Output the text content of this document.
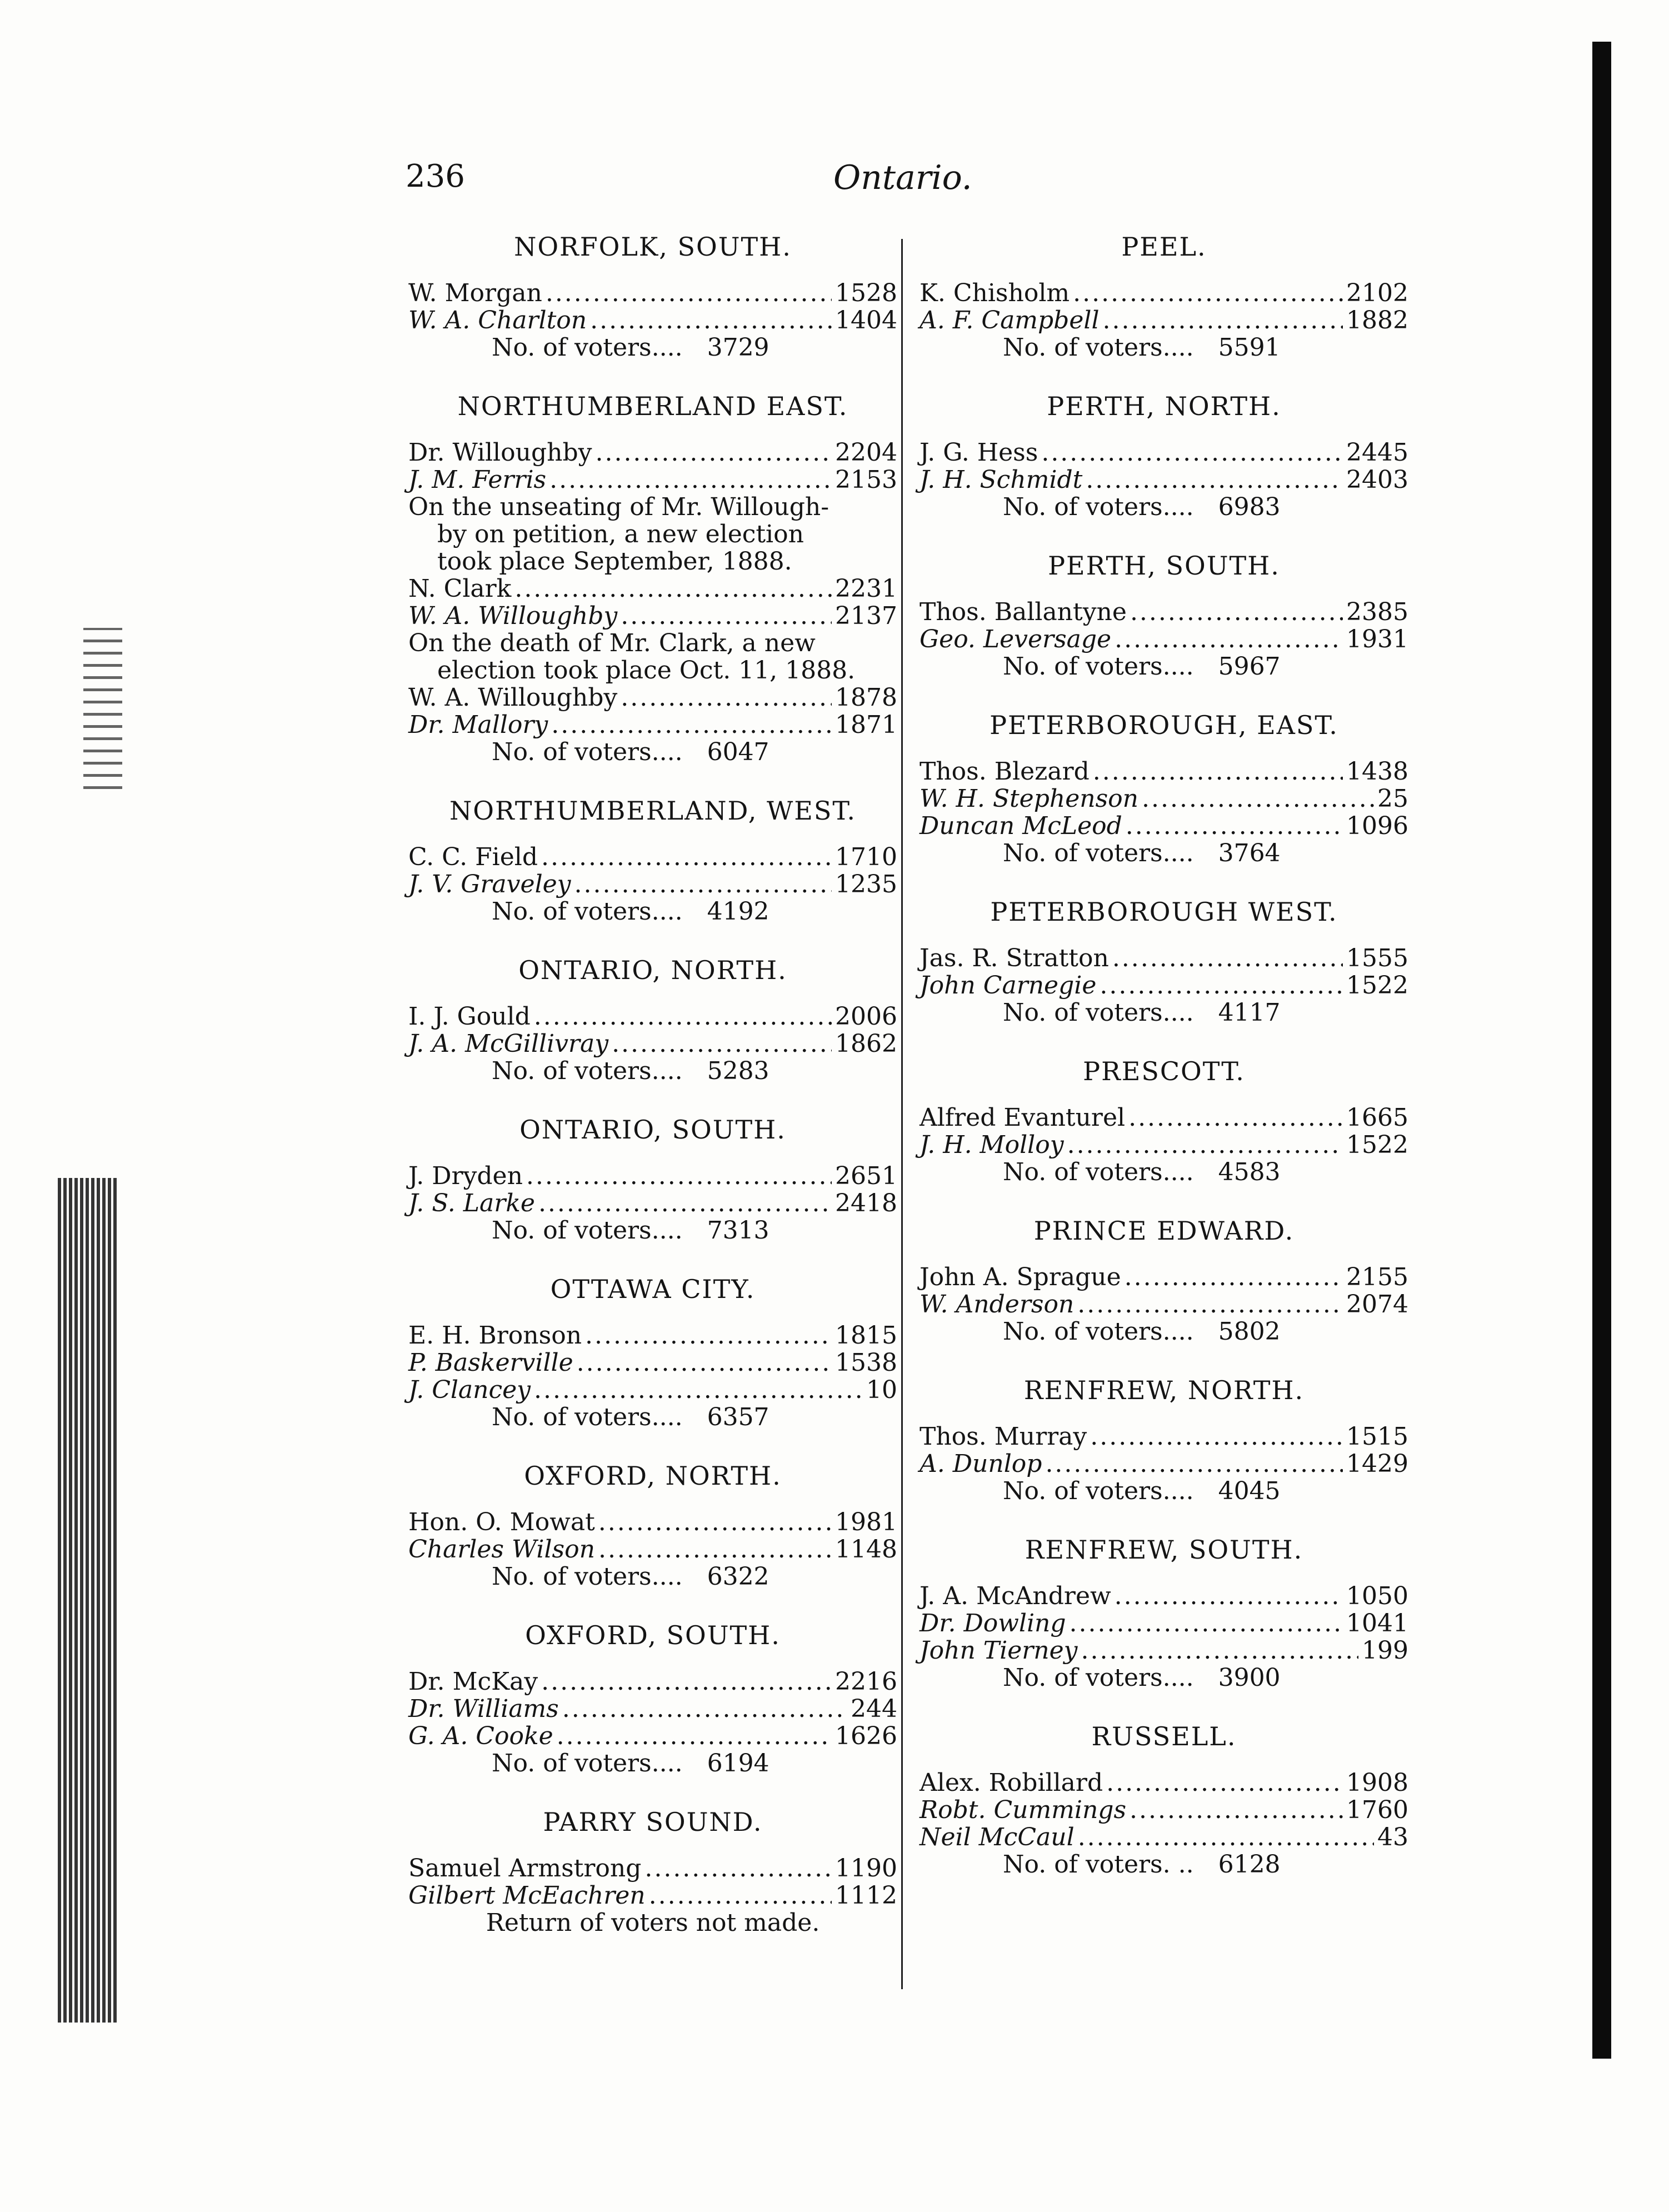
236	Ontario.
NORFOLK, SOUTH.
W. Morgan .....	1528
W. A. Charlton .....	1404
No. of voters.... 3729
NORTHUMBERLAND EAST.
Dr. Willoughby .....	2204
J. M. Ferris .....	2153
On the unseating of Mr. Willough-
by on petition, a new election
took place September, 1888.
N. Clark .....	2231
W. A. Willoughby .....	2137
On the death of Mr. Clark, a new
election took place Oct. 11, 1888.
W. A. Willoughby .....	1878
Dr. Mallory .....	1871
No. of voters.... 6047
NORTHUMBERLAND, WEST.
C. C. Field .....	1710
J. V. Graveley .....	1235
No. of voters.... 4192
ONTARIO, NORTH.
I. J. Gould .....	2006
J. A. McGillivray .....	1862
No. of voters.... 5283
ONTARIO, SOUTH.
J. Dryden .....	2651
J. S. Larke .....	2418
No. of voters.... 7313
OTTAWA CITY.
E. H. Bronson .....	1815
P. Baskerville .....	1538
J. Clancey .....	10
No. of voters.... 6357
OXFORD, NORTH.
Hon. O. Mowat .....	1981
Charles Wilson .....	1148
No. of voters.... 6322
OXFORD, SOUTH.
Dr. McKay .....	2216
Dr. Williams .....	244
G. A. Cooke .....	1626
No. of voters.... 6194
PARRY SOUND.
Samuel Armstrong .....	1190
Gilbert McEachren .....	1112
Return of voters not made.
PEEL.
K. Chisholm .....	2102
A. F. Campbell .....	1882
No. of voters.... 5591
PERTH, NORTH.
J. G. Hess .....	2445
J. H. Schmidt .....	2403
No. of voters.... 6983
PERTH, SOUTH.
Thos. Ballantyne .....	2385
Geo. Leversage .....	1931
No. of voters.... 5967
PETERBOROUGH, EAST.
Thos. Blezard .....	1438
W. H. Stephenson .....	25
Duncan McLeod .....	1096
No. of voters.... 3764
PETERBOROUGH WEST.
Jas. R. Stratton .....	1555
John Carnegie .....	1522
No. of voters.... 4117
PRESCOTT.
Alfred Evanturel .....	1665
J. H. Molloy .....	1522
No. of voters.... 4583
PRINCE EDWARD.
John A. Sprague .....	2155
W. Anderson .....	2074
No. of voters.... 5802
RENFREW, NORTH.
Thos. Murray .....	1515
A. Dunlop .....	1429
No. of voters.... 4045
RENFREW, SOUTH.
J. A. McAndrew .....	1050
Dr. Dowling .....	1041
John Tierney .....	199
No. of voters.... 3900
RUSSELL.
Alex. Robillard .....	1908
Robt. Cummings .....	1760
Neil McCaul .....	43
No. of voters. .. 6128
